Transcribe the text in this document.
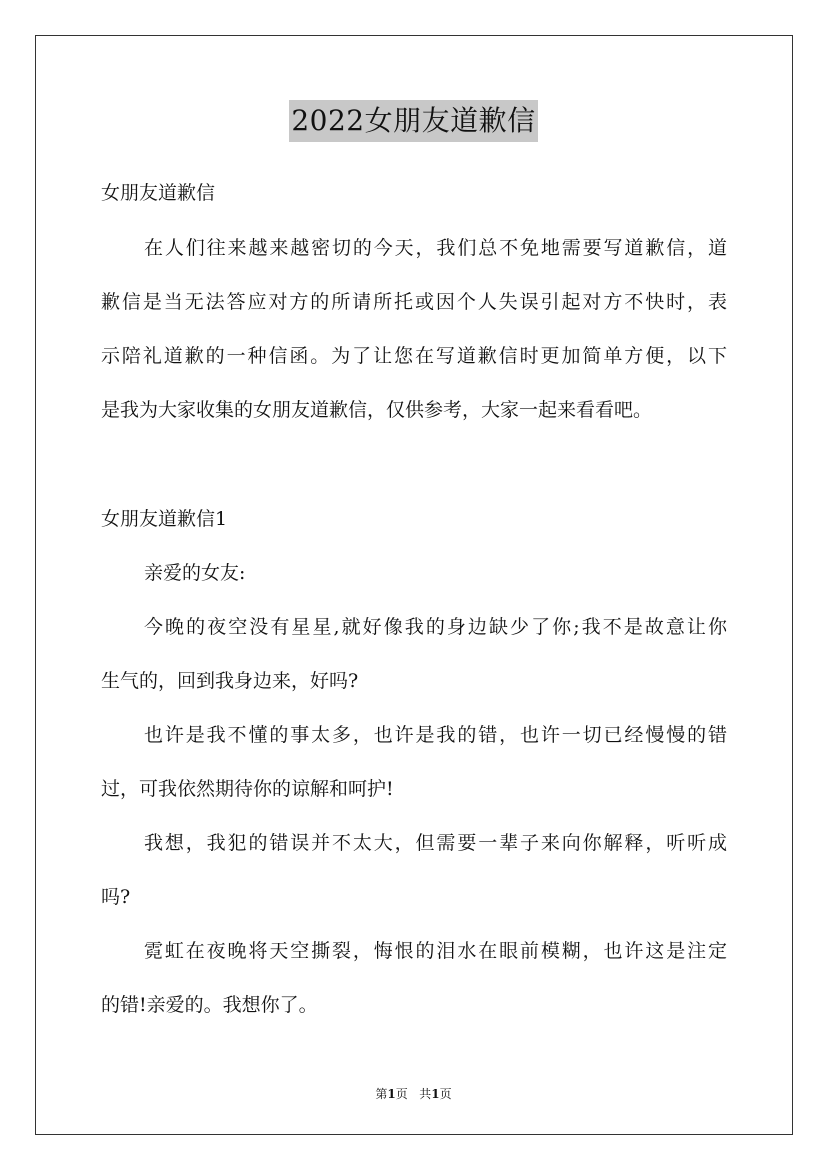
2022女朋友道歉信
女朋友道歉信
在人们往来越来越密切的今天，我们总不免地需要写道歉信，道
歉信是当无法答应对方的所请所托或因个人失误引起对方不快时，表
示陪礼道歉的一种信函。为了让您在写道歉信时更加简单方便，以下
是我为大家收集的女朋友道歉信，仅供参考，大家一起来看看吧。
女朋友道歉信1
亲爱的女友:
今晚的夜空没有星星,就好像我的身边缺少了你;我不是故意让你
生气的，回到我身边来，好吗?
也许是我不懂的事太多，也许是我的错，也许一切已经慢慢的错
过，可我依然期待你的谅解和呵护!
我想，我犯的错误并不太大，但需要一辈子来向你解释，听听成
吗?
霓虹在夜晚将天空撕裂，悔恨的泪水在眼前模糊，也许这是注定
的错!亲爱的。我想你了。
第1页 共1页
